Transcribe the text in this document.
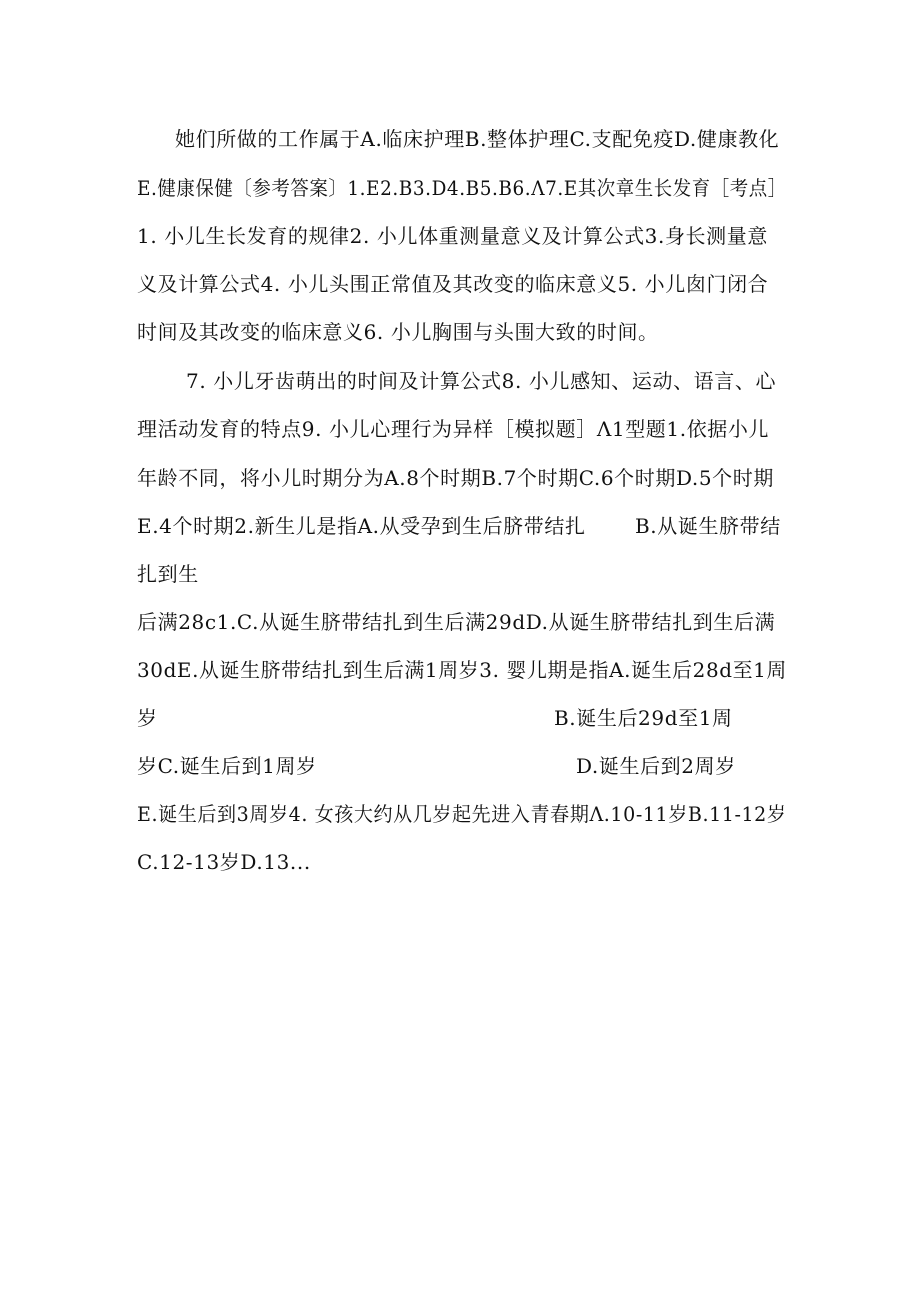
她们所做的工作属于A.临床护理B.整体护理C.支配免疫D.健康教化
E.健康保健〔参考答案〕1.E2.B3.D4.B5.B6.Λ7.E其次章生长发育［考点］
1. 小儿生长发育的规律2. 小儿体重测量意义及计算公式3.身长测量意
义及计算公式4. 小儿头围正常值及其改变的临床意义5. 小儿囱门闭合
时间及其改变的临床意义6. 小儿胸围与头围大致的时间。
7. 小儿牙齿萌出的时间及计算公式8. 小儿感知、运动、语言、心
理活动发育的特点9. 小儿心理行为异样［模拟题］Λ1型题1.依据小儿
年龄不同，将小儿时期分为A.8个时期B.7个时期C.6个时期D.5个时期
E.4个时期2.新生儿是指A.从受孕到生后脐带结扎 B.从诞生脐带结
扎到生
后满28c1.C.从诞生脐带结扎到生后满29dD.从诞生脐带结扎到生后满
30dE.从诞生脐带结扎到生后满1周岁3. 婴儿期是指A.诞生后28d至1周
岁	B.诞生后29d至1周
岁C.诞生后到1周岁	D.诞生后到2周岁
E.诞生后到3周岁4. 女孩大约从几岁起先进入青春期Λ.10-11岁B.11-12岁
C.12-13岁D.13...
